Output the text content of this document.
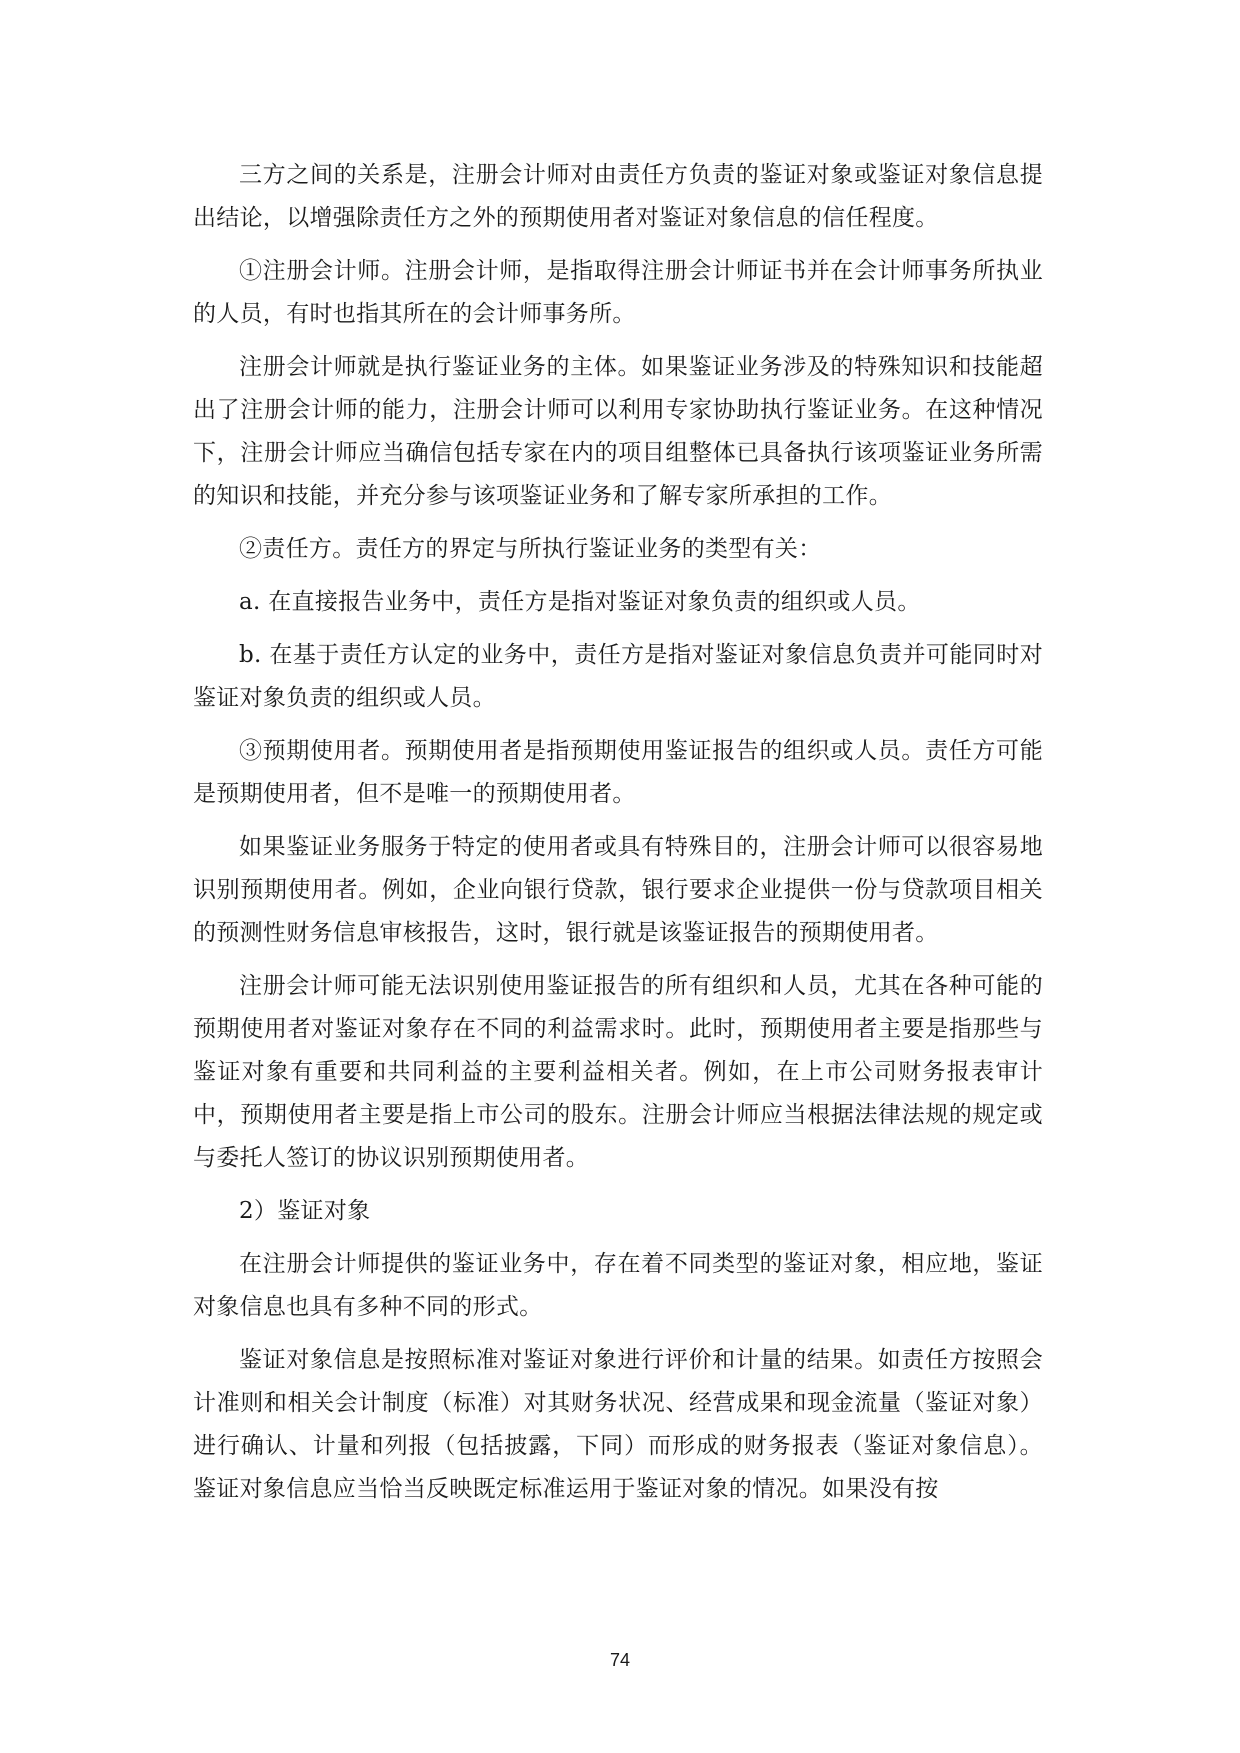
三方之间的关系是，注册会计师对由责任方负责的鉴证对象或鉴证对象信息提出结论，以增强除责任方之外的预期使用者对鉴证对象信息的信任程度。

①注册会计师。注册会计师，是指取得注册会计师证书并在会计师事务所执业的人员，有时也指其所在的会计师事务所。

注册会计师就是执行鉴证业务的主体。如果鉴证业务涉及的特殊知识和技能超出了注册会计师的能力，注册会计师可以利用专家协助执行鉴证业务。在这种情况下，注册会计师应当确信包括专家在内的项目组整体已具备执行该项鉴证业务所需的知识和技能，并充分参与该项鉴证业务和了解专家所承担的工作。

②责任方。责任方的界定与所执行鉴证业务的类型有关：

a. 在直接报告业务中，责任方是指对鉴证对象负责的组织或人员。

b. 在基于责任方认定的业务中，责任方是指对鉴证对象信息负责并可能同时对鉴证对象负责的组织或人员。

③预期使用者。预期使用者是指预期使用鉴证报告的组织或人员。责任方可能是预期使用者，但不是唯一的预期使用者。

如果鉴证业务服务于特定的使用者或具有特殊目的，注册会计师可以很容易地识别预期使用者。例如，企业向银行贷款，银行要求企业提供一份与贷款项目相关的预测性财务信息审核报告，这时，银行就是该鉴证报告的预期使用者。

注册会计师可能无法识别使用鉴证报告的所有组织和人员，尤其在各种可能的预期使用者对鉴证对象存在不同的利益需求时。此时，预期使用者主要是指那些与鉴证对象有重要和共同利益的主要利益相关者。例如，在上市公司财务报表审计中，预期使用者主要是指上市公司的股东。注册会计师应当根据法律法规的规定或与委托人签订的协议识别预期使用者。

2）鉴证对象

在注册会计师提供的鉴证业务中，存在着不同类型的鉴证对象，相应地，鉴证对象信息也具有多种不同的形式。

鉴证对象信息是按照标准对鉴证对象进行评价和计量的结果。如责任方按照会计准则和相关会计制度（标准）对其财务状况、经营成果和现金流量（鉴证对象）进行确认、计量和列报（包括披露，下同）而形成的财务报表（鉴证对象信息）。鉴证对象信息应当恰当反映既定标准运用于鉴证对象的情况。如果没有按

74
